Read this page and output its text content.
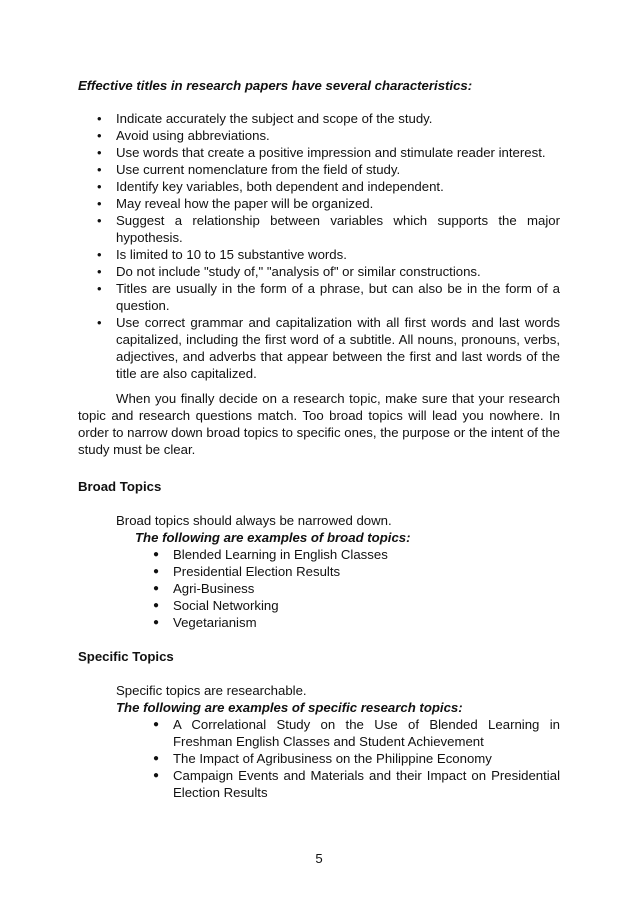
Effective titles in research papers have several characteristics:
• Indicate accurately the subject and scope of the study.
• Avoid using abbreviations.
• Use words that create a positive impression and stimulate reader interest.
• Use current nomenclature from the field of study.
• Identify key variables, both dependent and independent.
• May reveal how the paper will be organized.
• Suggest a relationship between variables which supports the major hypothesis.
• Is limited to 10 to 15 substantive words.
• Do not include "study of," "analysis of" or similar constructions.
• Titles are usually in the form of a phrase, but can also be in the form of a question.
• Use correct grammar and capitalization with all first words and last words capitalized, including the first word of a subtitle. All nouns, pronouns, verbs, adjectives, and adverbs that appear between the first and last words of the title are also capitalized.

When you finally decide on a research topic, make sure that your research topic and research questions match. Too broad topics will lead you nowhere. In order to narrow down broad topics to specific ones, the purpose or the intent of the study must be clear.

Broad Topics
Broad topics should always be narrowed down.
The following are examples of broad topics:
● Blended Learning in English Classes
● Presidential Election Results
● Agri-Business
● Social Networking
● Vegetarianism
Specific Topics
Specific topics are researchable.
The following are examples of specific research topics:
● A Correlational Study on the Use of Blended Learning in Freshman English Classes and Student Achievement
● The Impact of Agribusiness on the Philippine Economy
● Campaign Events and Materials and their Impact on Presidential Election Results
5
